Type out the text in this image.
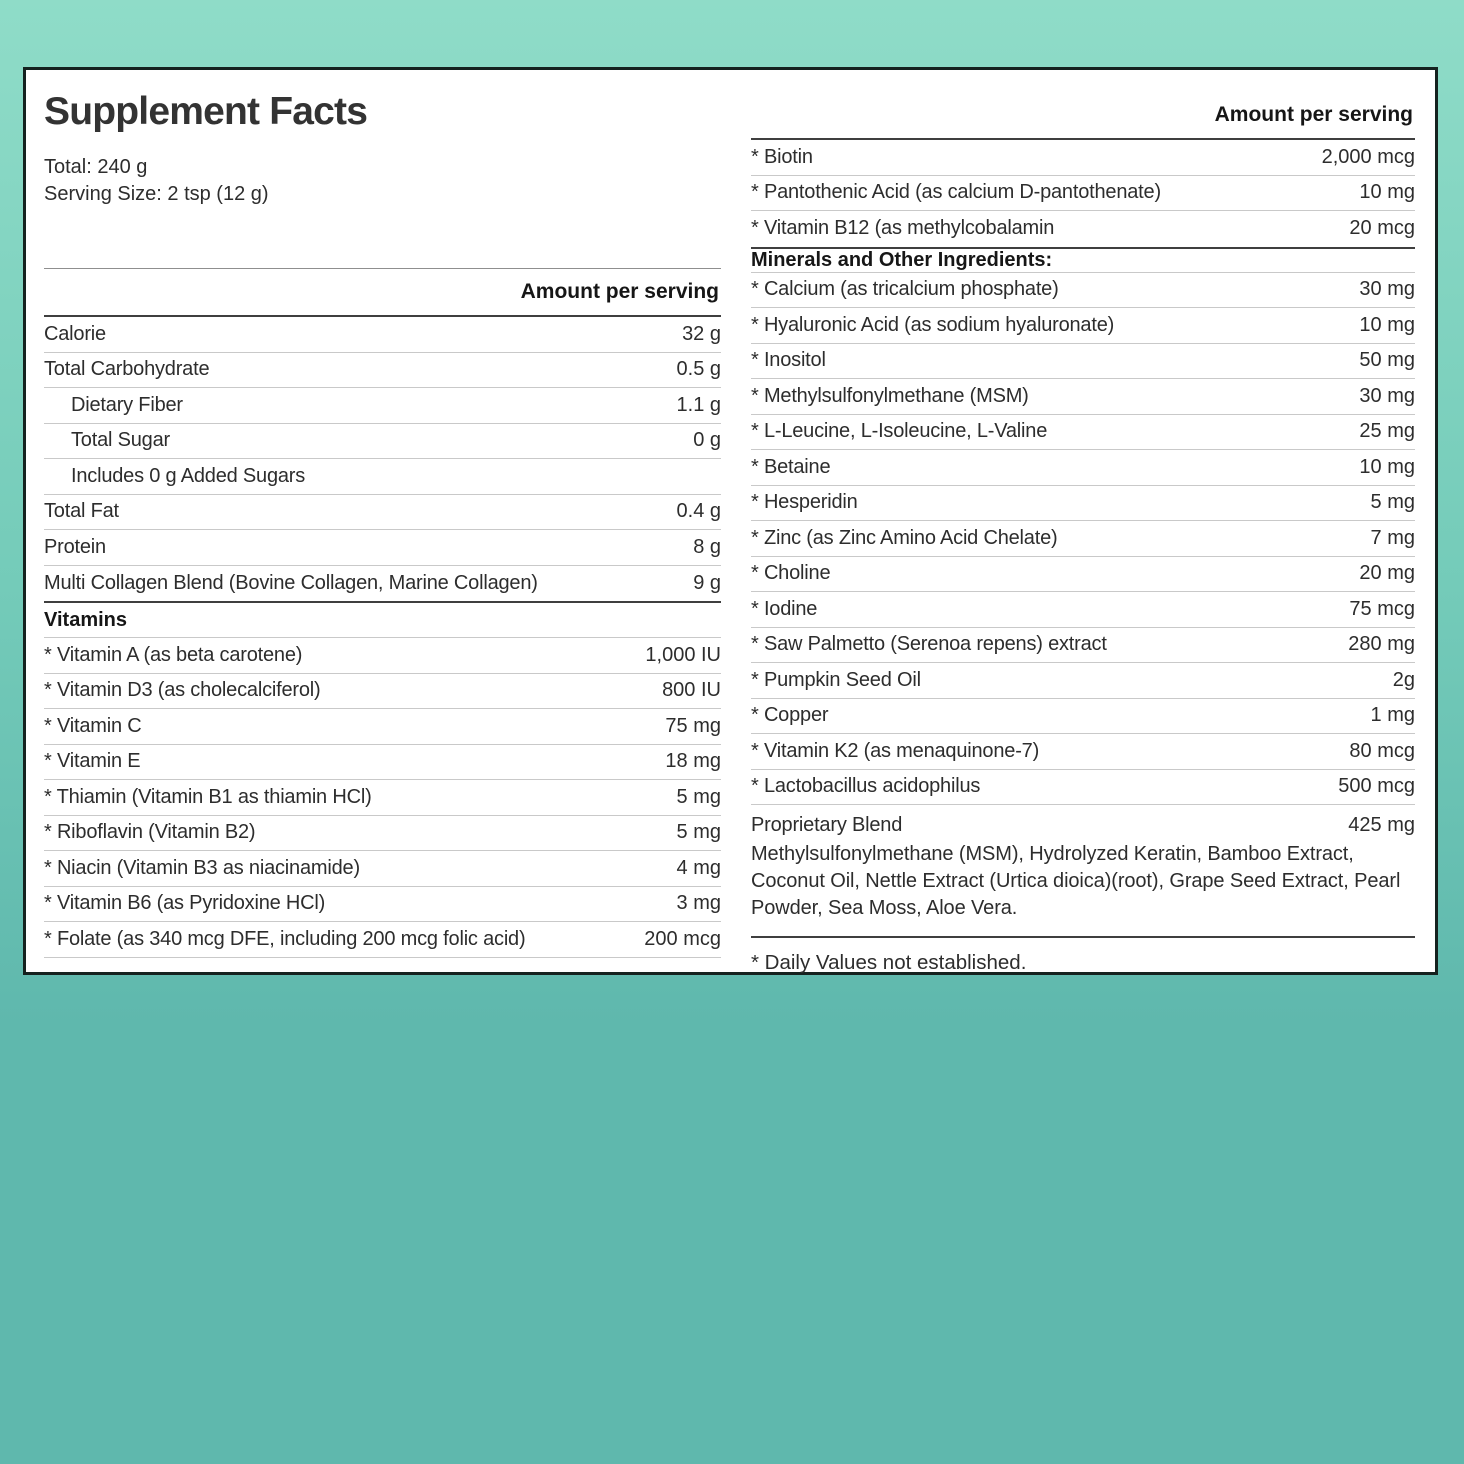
Supplement Facts
Total: 240 g
Serving Size: 2 tsp (12 g)
Amount per serving
Calorie	32 g
Total Carbohydrate	0.5 g
Dietary Fiber	1.1 g
Total Sugar	0 g
Includes 0 g Added Sugars
Total Fat	0.4 g
Protein	8 g
Multi Collagen Blend (Bovine Collagen, Marine Collagen)	9 g
Vitamins
* Vitamin A (as beta carotene)	1,000 IU
* Vitamin D3 (as cholecalciferol)	800 IU
* Vitamin C	75 mg
* Vitamin E	18 mg
* Thiamin (Vitamin B1 as thiamin HCl)	5 mg
* Riboflavin (Vitamin B2)	5 mg
* Niacin (Vitamin B3 as niacinamide)	4 mg
* Vitamin B6 (as Pyridoxine HCl)	3 mg
* Folate (as 340 mcg DFE, including 200 mcg folic acid)	200 mcg
Amount per serving
* Biotin	2,000 mcg
* Pantothenic Acid (as calcium D-pantothenate)	10 mg
* Vitamin B12 (as methylcobalamin	20 mcg
Minerals and Other Ingredients:
* Calcium (as tricalcium phosphate)	30 mg
* Hyaluronic Acid (as sodium hyaluronate)	10 mg
* Inositol	50 mg
* Methylsulfonylmethane (MSM)	30 mg
* L-Leucine, L-Isoleucine, L-Valine	25 mg
* Betaine	10 mg
* Hesperidin	5 mg
* Zinc (as Zinc Amino Acid Chelate)	7 mg
* Choline	20 mg
* Iodine	75 mcg
* Saw Palmetto (Serenoa repens) extract	280 mg
* Pumpkin Seed Oil	2g
* Copper	1 mg
* Vitamin K2 (as menaquinone-7)	80 mcg
* Lactobacillus acidophilus	500 mcg
Proprietary Blend	425 mg
Methylsulfonylmethane (MSM), Hydrolyzed Keratin, Bamboo Extract, Coconut Oil, Nettle Extract (Urtica dioica)(root), Grape Seed Extract, Pearl Powder, Sea Moss, Aloe Vera.
* Daily Values not established.
